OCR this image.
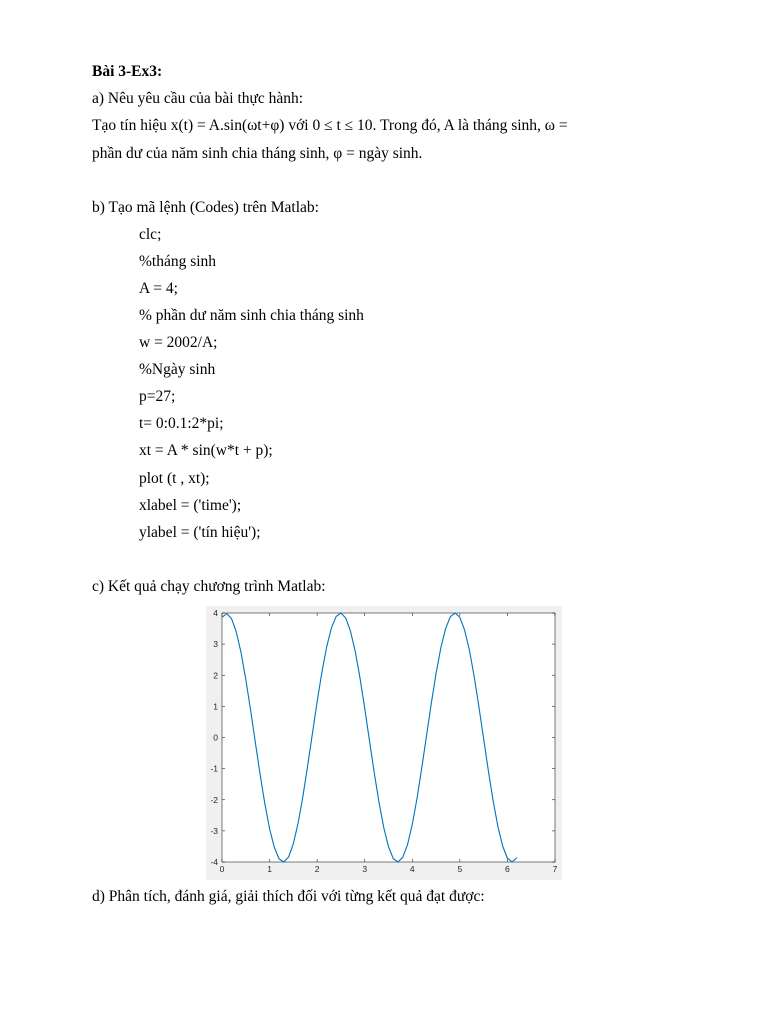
Bài 3-Ex3:
a) Nêu yêu cầu của bài thực hành:
Tạo tín hiệu x(t) = A.sin(ωt+φ) với 0 ≤ t ≤ 10. Trong đó, A là tháng sinh, ω =
phần dư của năm sinh chia tháng sinh, φ = ngày sinh.
b) Tạo mã lệnh (Codes) trên Matlab:
clc;
%tháng sinh
A = 4;
% phần dư năm sinh chia tháng sinh
w = 2002/A;
%Ngày sinh
p=27;
t= 0:0.1:2*pi;
xt = A * sin(w*t + p);
plot (t , xt);
xlabel = ('time');
ylabel = ('tín hiệu');
c) Kết quả chạy chương trình Matlab:
0	1	2	3	4	5	6	7
-4
-3
-2
-1
0
1
2
3
4
d) Phân tích, đánh giá, giải thích đối với từng kết quả đạt được:
